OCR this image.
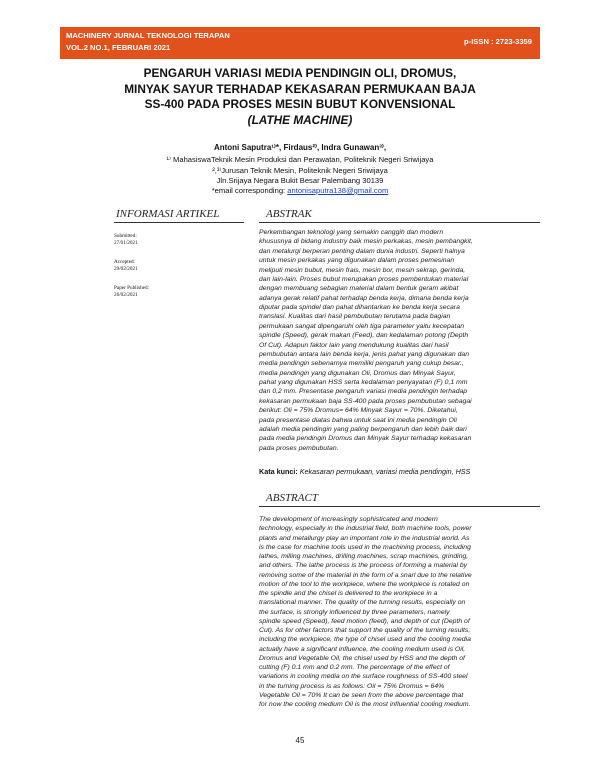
MACHINERY JURNAL TEKNOLOGI TERAPAN
VOL.2 NO.1, FEBRUARI 2021
p-ISSN : 2723-3359
PENGARUH VARIASI MEDIA PENDINGIN OLI, DROMUS,
MINYAK SAYUR TERHADAP KEKASARAN PERMUKAAN BAJA
SS-400 PADA PROSES MESIN BUBUT KONVENSIONAL
(LATHE MACHINE)
Antoni Saputra¹⁾*, Firdaus²⁾, Indra Gunawan³⁾,
¹⁾ MahasiswaTeknik Mesin Produksi dan Perawatan, Politeknik Negeri Sriwijaya
²,³⁾Jurusan Teknik Mesin, Politeknik Negeri Sriwijaya
Jln.Srijaya Negara Bukit Besar Palembang 30139
*email corresponding: antonisaputra138@gmail.com
INFORMASI ARTIKEL	ABSTRAK
Submitted:
27/01/2021
Accepted:
29/02/2021
Paper Published:
26/02/2021
Perkembangan teknologi yang semakin canggih dan modern
khususnya di bidang industry baik mesin perkakas, mesin pembangkit,
dan metalurgi berperan penting dalam dunia industri. Seperti halnya
untuk mesin perkakas yang digunakan dalam proses pemesinan
meliputi mesin bubut, mesin frais, mesin bor, mesin sekrap, gerinda,
dan lain-lain. Proses bubut merupakan proses pembentukan material
dengan membuang sebagian material dalam bentuk geram akibat
adanya gerak relatif pahat terhadap benda kerja, dimana benda kerja
diputar pada spindel dan pahat dihantarkan ke benda kerja secara
translasi. Kualitas dari hasil pembubutan terutama pada bagian
permukaan sangat dipengaruhi oleh tiga parameter yaitu kecepatan
spindle (Speed), gerak makan (Feed), dan kedalaman potong (Depth
Of Cut). Adapun faktor lain yang mendukung kualitas dari hasil
pembubutan antara lain benda kerja, jenis pahat yang digunakan dan
media pendingin sebenarnya memiliki pengaruh yang cukup besar.,
media pendingin yang digunakan Oli, Dromus dan Minyak Sayur,
pahat yang digunakan HSS serta kedalaman penyayatan (F) 0,1 mm
dan 0,2 mm. Presentase pengaruh variasi media pendingin terhadap
kekasaran permukaan baja SS-400 pada proses pembubutan sebagai
berikut: Oli = 75% Dromus= 64% Minyak Sayur = 70%. Diketahui,
pada presentase diatas bahwa untuk saat ini media pendingin Oli
adalah media pendingin yang paling berpengaruh dan lebih baik dari
pada media pendingin Dromus dan Minyak Sayur terhadap kekasaran
pada proses pembubutan.
Kata kunci: Kekasaran permukaan, variasi media pendingin, HSS
ABSTRACT
The development of increasingly sophisticated and modern
technology, especially in the industrial field, both machine tools, power
plants and metallurgy play an important role in the industrial world. As
is the case for machine tools used in the machining process, including
lathes, milling machines, drilling machines, scrap machines, grinding,
and others. The lathe process is the process of forming a material by
removing some of the material in the form of a snarl due to the relative
motion of the tool to the workpiece, where the workpiece is rotated on
the spindle and the chisel is delivered to the workpiece in a
translational manner. The quality of the turning results, especially on
the surface, is strongly influenced by three parameters, namely
spindle speed (Speed), feed motion (feed), and depth of cut (Depth of
Cut). As for other factors that support the quality of the turning results,
including the workpiece, the type of chisel used and the cooling media
actually have a significant influence, the cooling medium used is Oil,
Dromus and Vegetable Oil, the chisel used by HSS and the depth of
cutting (F) 0.1 mm and 0.2 mm. The percentage of the effect of
variations in cooling media on the surface roughness of SS-400 steel
in the turning process is as follows: Oil = 75% Dromus = 64%
Vegetable Oil = 70% It can be seen from the above percentage that
for now the cooling medium Oil is the most influential cooling medium.
45
